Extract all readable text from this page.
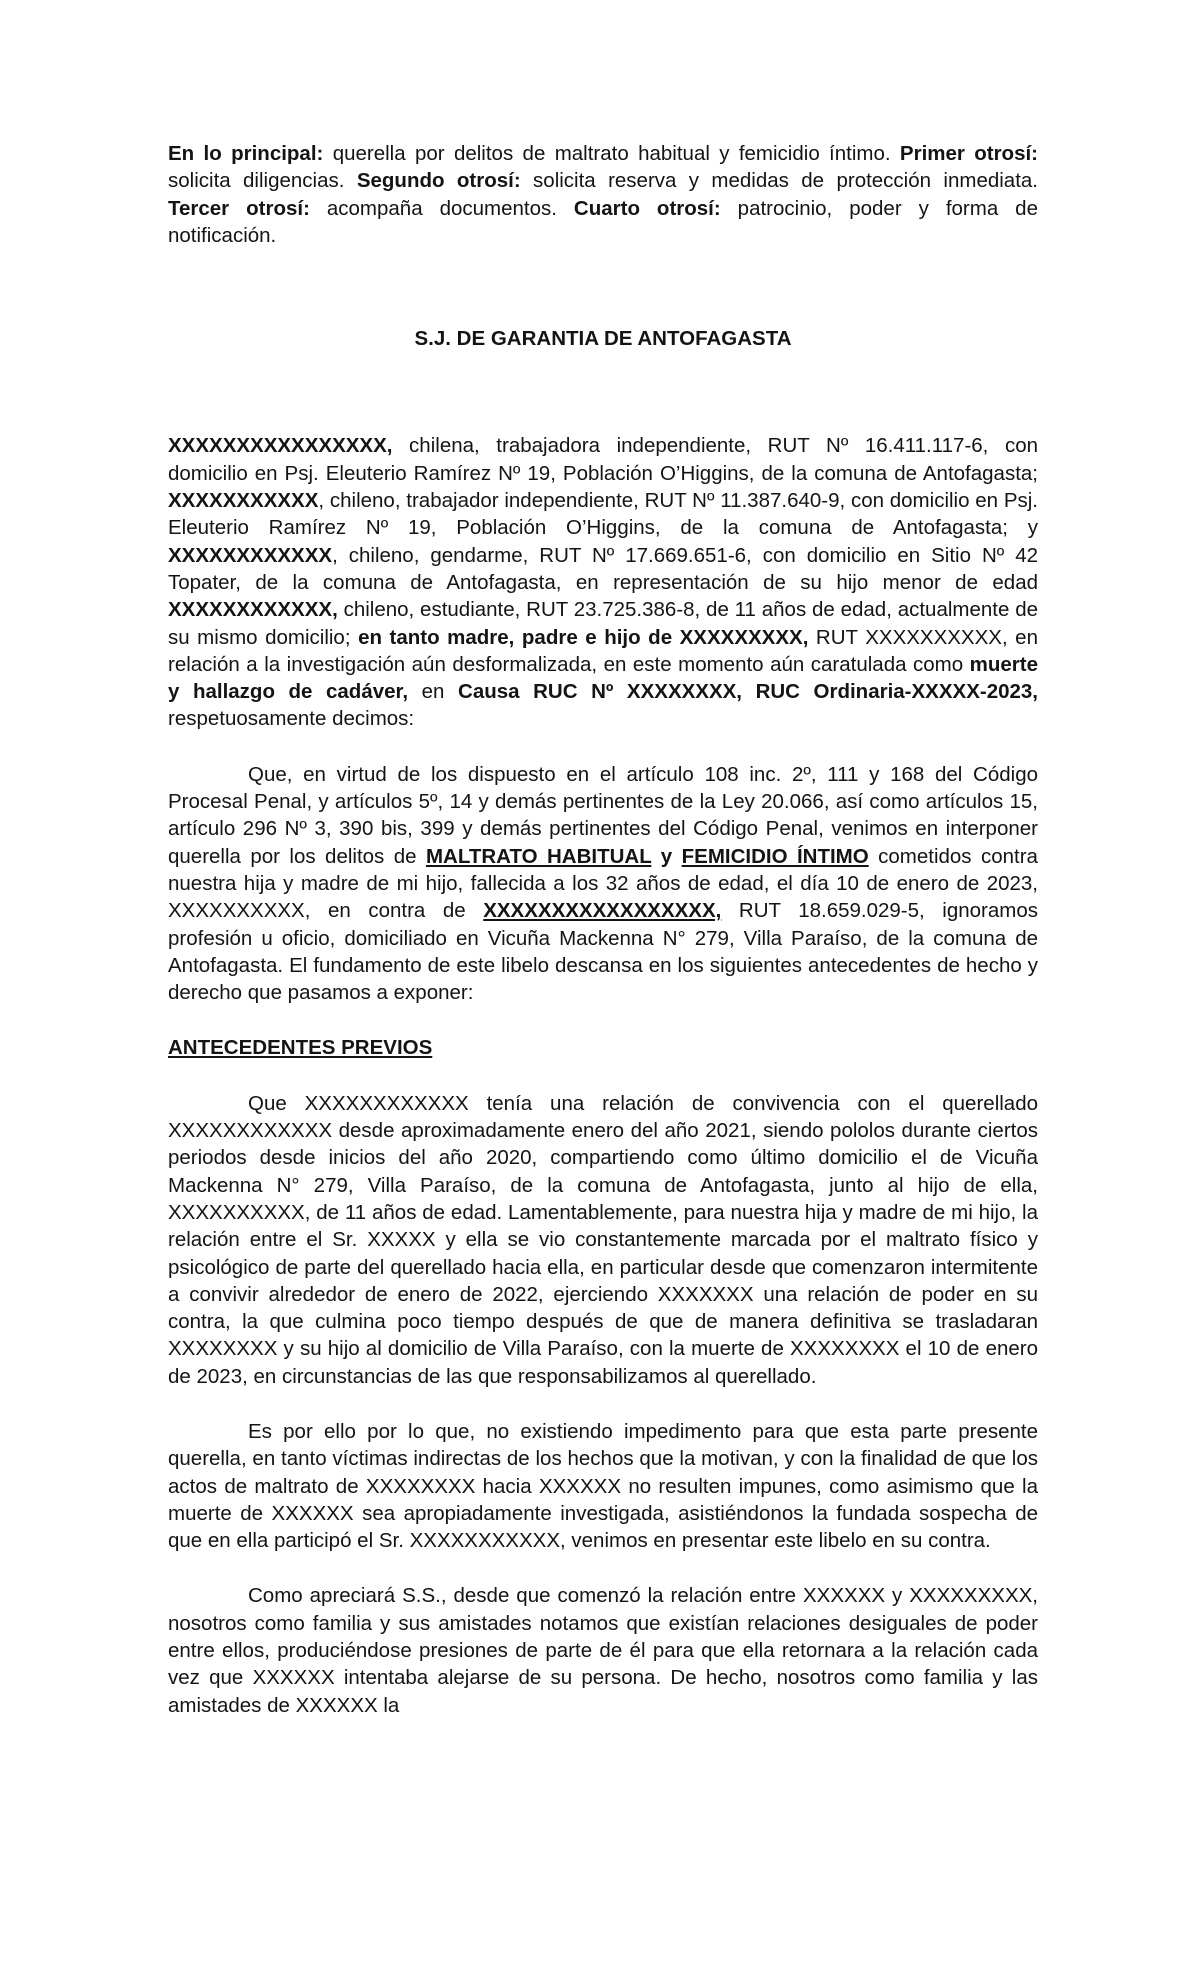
En lo principal: querella por delitos de maltrato habitual y femicidio íntimo. Primer otrosí: solicita diligencias. Segundo otrosí: solicita reserva y medidas de protección inmediata. Tercer otrosí: acompaña documentos. Cuarto otrosí: patrocinio, poder y forma de notificación.

S.J. DE GARANTIA DE ANTOFAGASTA

XXXXXXXXXXXXXXXX, chilena, trabajadora independiente, RUT Nº 16.411.117-6, con domicilio en Psj. Eleuterio Ramírez Nº 19, Población O’Higgins, de la comuna de Antofagasta; XXXXXXXXXXX, chileno, trabajador independiente, RUT Nº 11.387.640-9, con domicilio en Psj. Eleuterio Ramírez Nº 19, Población O’Higgins, de la comuna de Antofagasta; y XXXXXXXXXXXX, chileno, gendarme, RUT Nº 17.669.651-6, con domicilio en Sitio Nº 42 Topater, de la comuna de Antofagasta, en representación de su hijo menor de edad XXXXXXXXXXXX, chileno, estudiante, RUT 23.725.386-8, de 11 años de edad, actualmente de su mismo domicilio; en tanto madre, padre e hijo de XXXXXXXXX, RUT XXXXXXXXXX, en relación a la investigación aún desformalizada, en este momento aún caratulada como muerte y hallazgo de cadáver, en Causa RUC Nº XXXXXXXX, RUC Ordinaria-XXXXX-2023, respetuosamente decimos:

Que, en virtud de los dispuesto en el artículo 108 inc. 2º, 111 y 168 del Código Procesal Penal, y artículos 5º, 14 y demás pertinentes de la Ley 20.066, así como artículos 15, artículo 296 Nº 3, 390 bis, 399 y demás pertinentes del Código Penal, venimos en interponer querella por los delitos de MALTRATO HABITUAL y FEMICIDIO ÍNTIMO cometidos contra nuestra hija y madre de mi hijo, fallecida a los 32 años de edad, el día 10 de enero de 2023, XXXXXXXXXX, en contra de XXXXXXXXXXXXXXXXX, RUT 18.659.029-5, ignoramos profesión u oficio, domiciliado en Vicuña Mackenna N° 279, Villa Paraíso, de la comuna de Antofagasta. El fundamento de este libelo descansa en los siguientes antecedentes de hecho y derecho que pasamos a exponer:

ANTECEDENTES PREVIOS

Que XXXXXXXXXXXX tenía una relación de convivencia con el querellado XXXXXXXXXXXX desde aproximadamente enero del año 2021, siendo pololos durante ciertos periodos desde inicios del año 2020, compartiendo como último domicilio el de Vicuña Mackenna N° 279, Villa Paraíso, de la comuna de Antofagasta, junto al hijo de ella, XXXXXXXXXX, de 11 años de edad. Lamentablemente, para nuestra hija y madre de mi hijo, la relación entre el Sr. XXXXX y ella se vio constantemente marcada por el maltrato físico y psicológico de parte del querellado hacia ella, en particular desde que comenzaron intermitente a convivir alrededor de enero de 2022, ejerciendo XXXXXXX una relación de poder en su contra, la que culmina poco tiempo después de que de manera definitiva se trasladaran XXXXXXXX y su hijo al domicilio de Villa Paraíso, con la muerte de XXXXXXXX el 10 de enero de 2023, en circunstancias de las que responsabilizamos al querellado.

Es por ello por lo que, no existiendo impedimento para que esta parte presente querella, en tanto víctimas indirectas de los hechos que la motivan, y con la finalidad de que los actos de maltrato de XXXXXXXX hacia XXXXXX no resulten impunes, como asimismo que la muerte de XXXXXX sea apropiadamente investigada, asistiéndonos la fundada sospecha de que en ella participó el Sr. XXXXXXXXXXX, venimos en presentar este libelo en su contra.

Como apreciará S.S., desde que comenzó la relación entre XXXXXX y XXXXXXXXX, nosotros como familia y sus amistades notamos que existían relaciones desiguales de poder entre ellos, produciéndose presiones de parte de él para que ella retornara a la relación cada vez que XXXXXX intentaba alejarse de su persona. De hecho, nosotros como familia y las amistades de XXXXXX la
